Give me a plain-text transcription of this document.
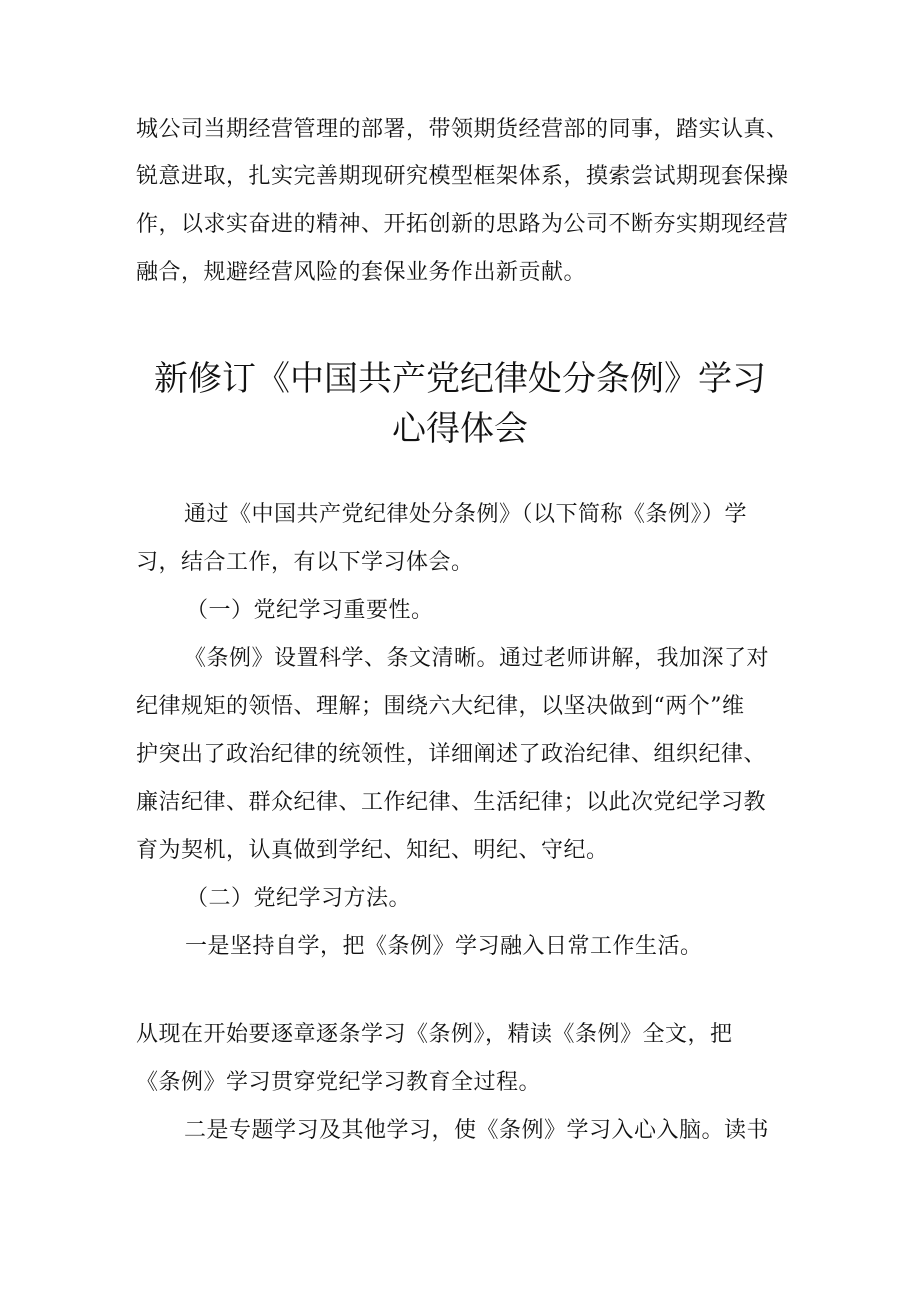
城公司当期经营管理的部署，带领期货经营部的同事，踏实认真、
锐意进取，扎实完善期现研究模型框架体系，摸索尝试期现套保操
作，以求实奋进的精神、开拓创新的思路为公司不断夯实期现经营
融合，规避经营风险的套保业务作出新贡献。
新修订《中国共产党纪律处分条例》学习
心得体会
通过《中国共产党纪律处分条例》（以下简称《条例》）学
习，结合工作，有以下学习体会。
（一）党纪学习重要性。
《条例》设置科学、条文清晰。通过老师讲解，我加深了对
纪律规矩的领悟、理解；围绕六大纪律，以坚决做到“两个”维
护突出了政治纪律的统领性，详细阐述了政治纪律、组织纪律、
廉洁纪律、群众纪律、工作纪律、生活纪律；以此次党纪学习教
育为契机，认真做到学纪、知纪、明纪、守纪。
（二）党纪学习方法。
一是坚持自学，把《条例》学习融入日常工作生活。
从现在开始要逐章逐条学习《条例》，精读《条例》全文，把
《条例》学习贯穿党纪学习教育全过程。
二是专题学习及其他学习，使《条例》学习入心入脑。读书
